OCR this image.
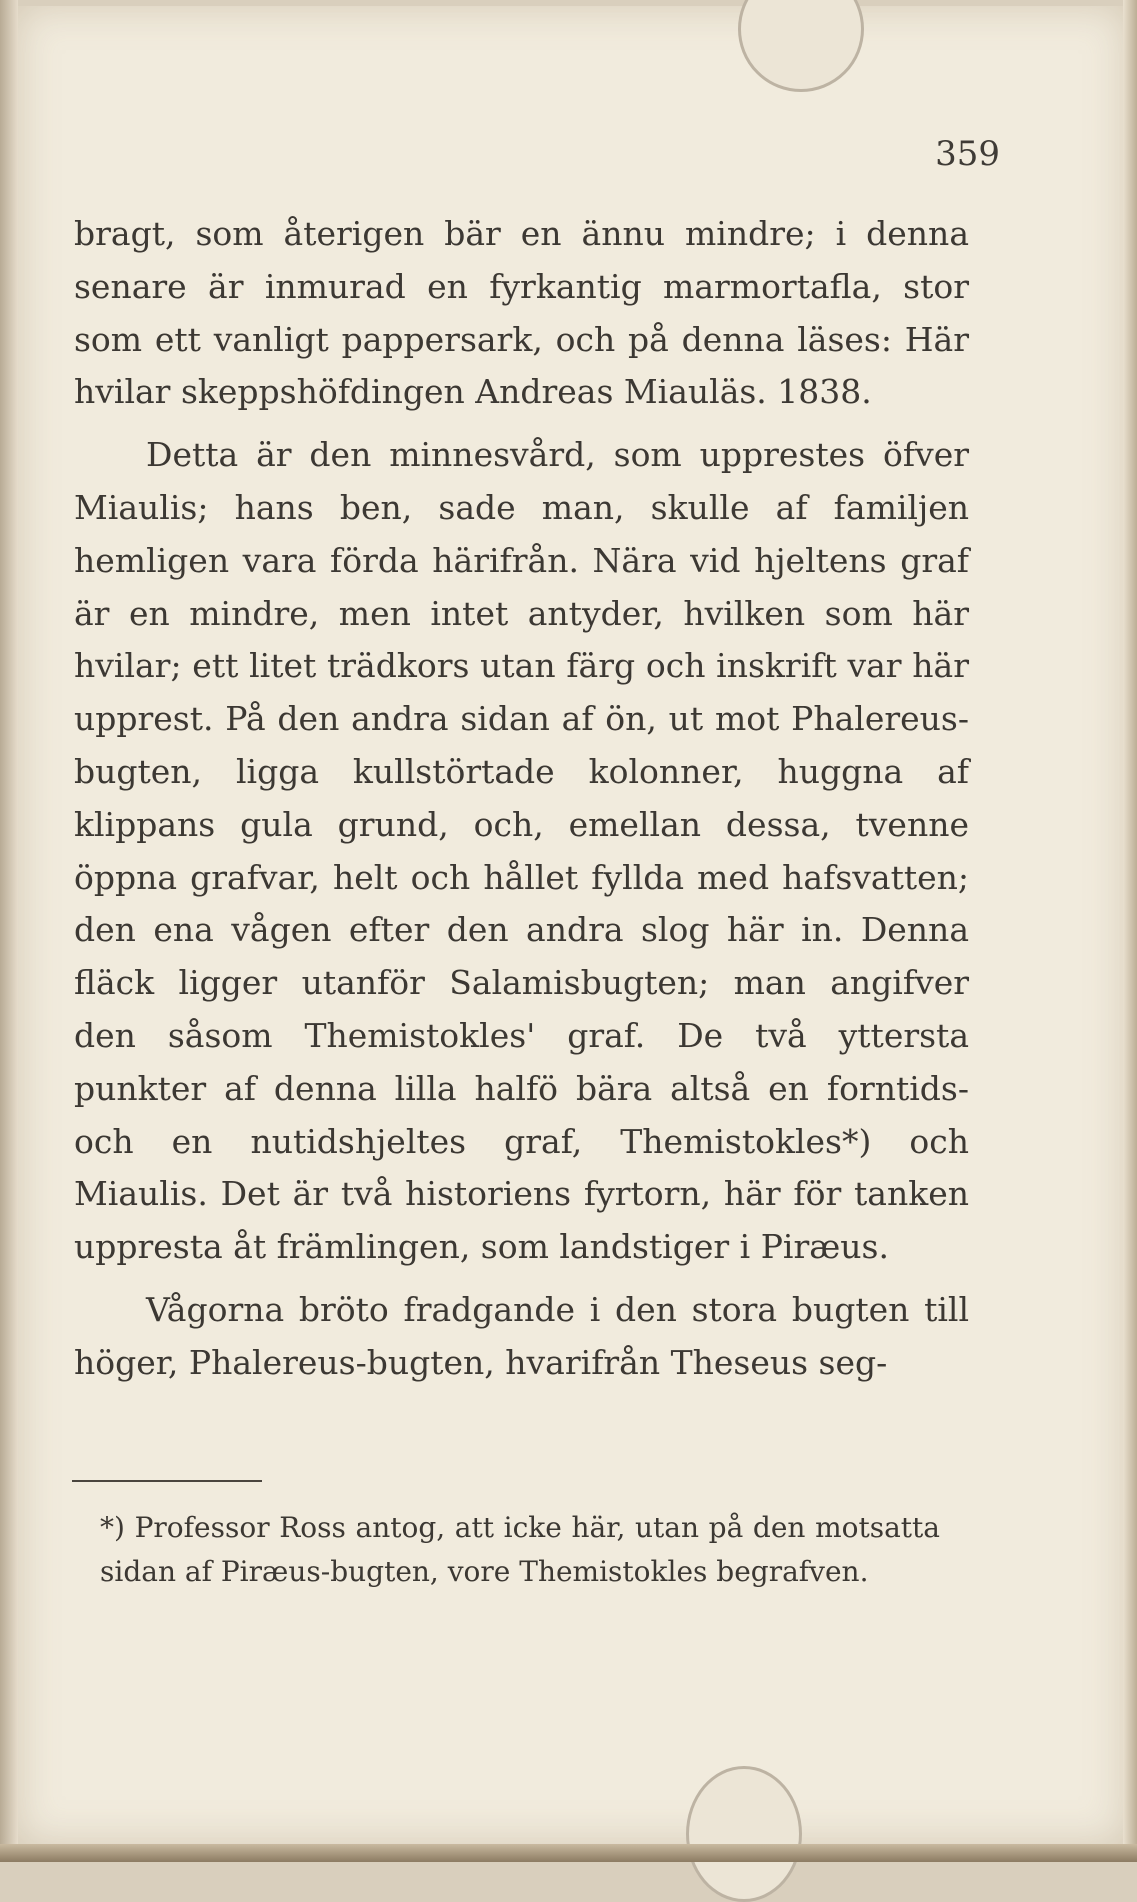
359

bragt, som återigen bär en ännu mindre; i denna senare är inmurad en fyrkantig marmortafla, stor som ett vanligt pappersark, och på denna läses: Här hvilar skeppshöfdingen Andreas Miauläs. 1838.

Detta är den minnesvård, som upprestes öfver Miaulis; hans ben, sade man, skulle af familjen hemligen vara förda härifrån. Nära vid hjeltens graf är en mindre, men intet antyder, hvilken som här hvilar; ett litet trädkors utan färg och inskrift var här upprest. På den andra sidan af ön, ut mot Phalereus-bugten, ligga kullstörtade kolonner, huggna af klippans gula grund, och, emellan dessa, tvenne öppna grafvar, helt och hållet fyllda med hafsvatten; den ena vågen efter den andra slog här in. Denna fläck ligger utanför Salamisbugten; man angifver den såsom Themistokles' graf. De två yttersta punkter af denna lilla halfö bära altså en forntids- och en nutidshjeltes graf, Themistokles*) och Miaulis. Det är två historiens fyrtorn, här för tanken uppresta åt främlingen, som landstiger i Piræus.

Vågorna bröto fradgande i den stora bugten till höger, Phalereus-bugten, hvarifrån Theseus seg-

*) Professor Ross antog, att icke här, utan på den motsatta sidan af Piræus-bugten, vore Themistokles begrafven.
